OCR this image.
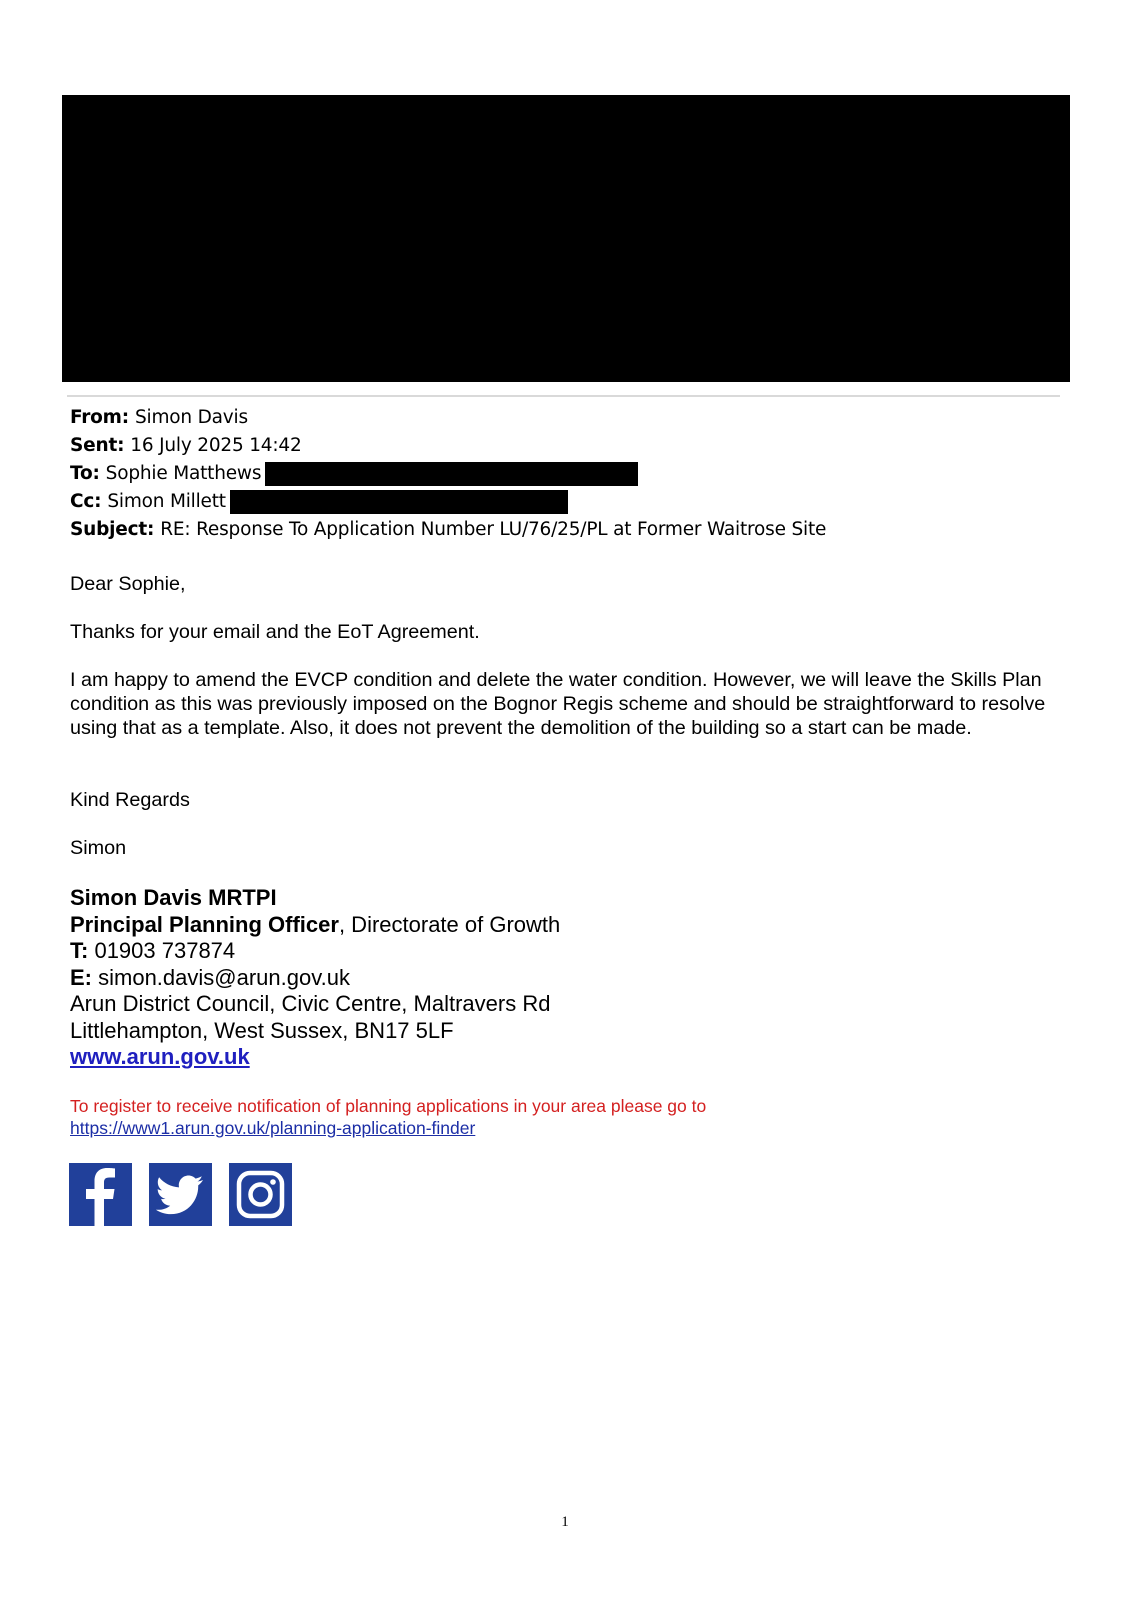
From: Simon Davis
Sent: 16 July 2025 14:42
To: Sophie Matthews
Cc: Simon Millett
Subject: RE: Response To Application Number LU/76/25/PL at Former Waitrose Site

Dear Sophie,

Thanks for your email and the EoT Agreement.

I am happy to amend the EVCP condition and delete the water condition. However, we will leave the Skills Plan condition as this was previously imposed on the Bognor Regis scheme and should be straightforward to resolve using that as a template. Also, it does not prevent the demolition of the building so a start can be made.

Kind Regards

Simon

Simon Davis MRTPI
Principal Planning Officer, Directorate of Growth
T: 01903 737874
E: simon.davis@arun.gov.uk
Arun District Council, Civic Centre, Maltravers Rd
Littlehampton, West Sussex, BN17 5LF
www.arun.gov.uk
To register to receive notification of planning applications in your area please go to
https://www1.arun.gov.uk/planning-application-finder
1
